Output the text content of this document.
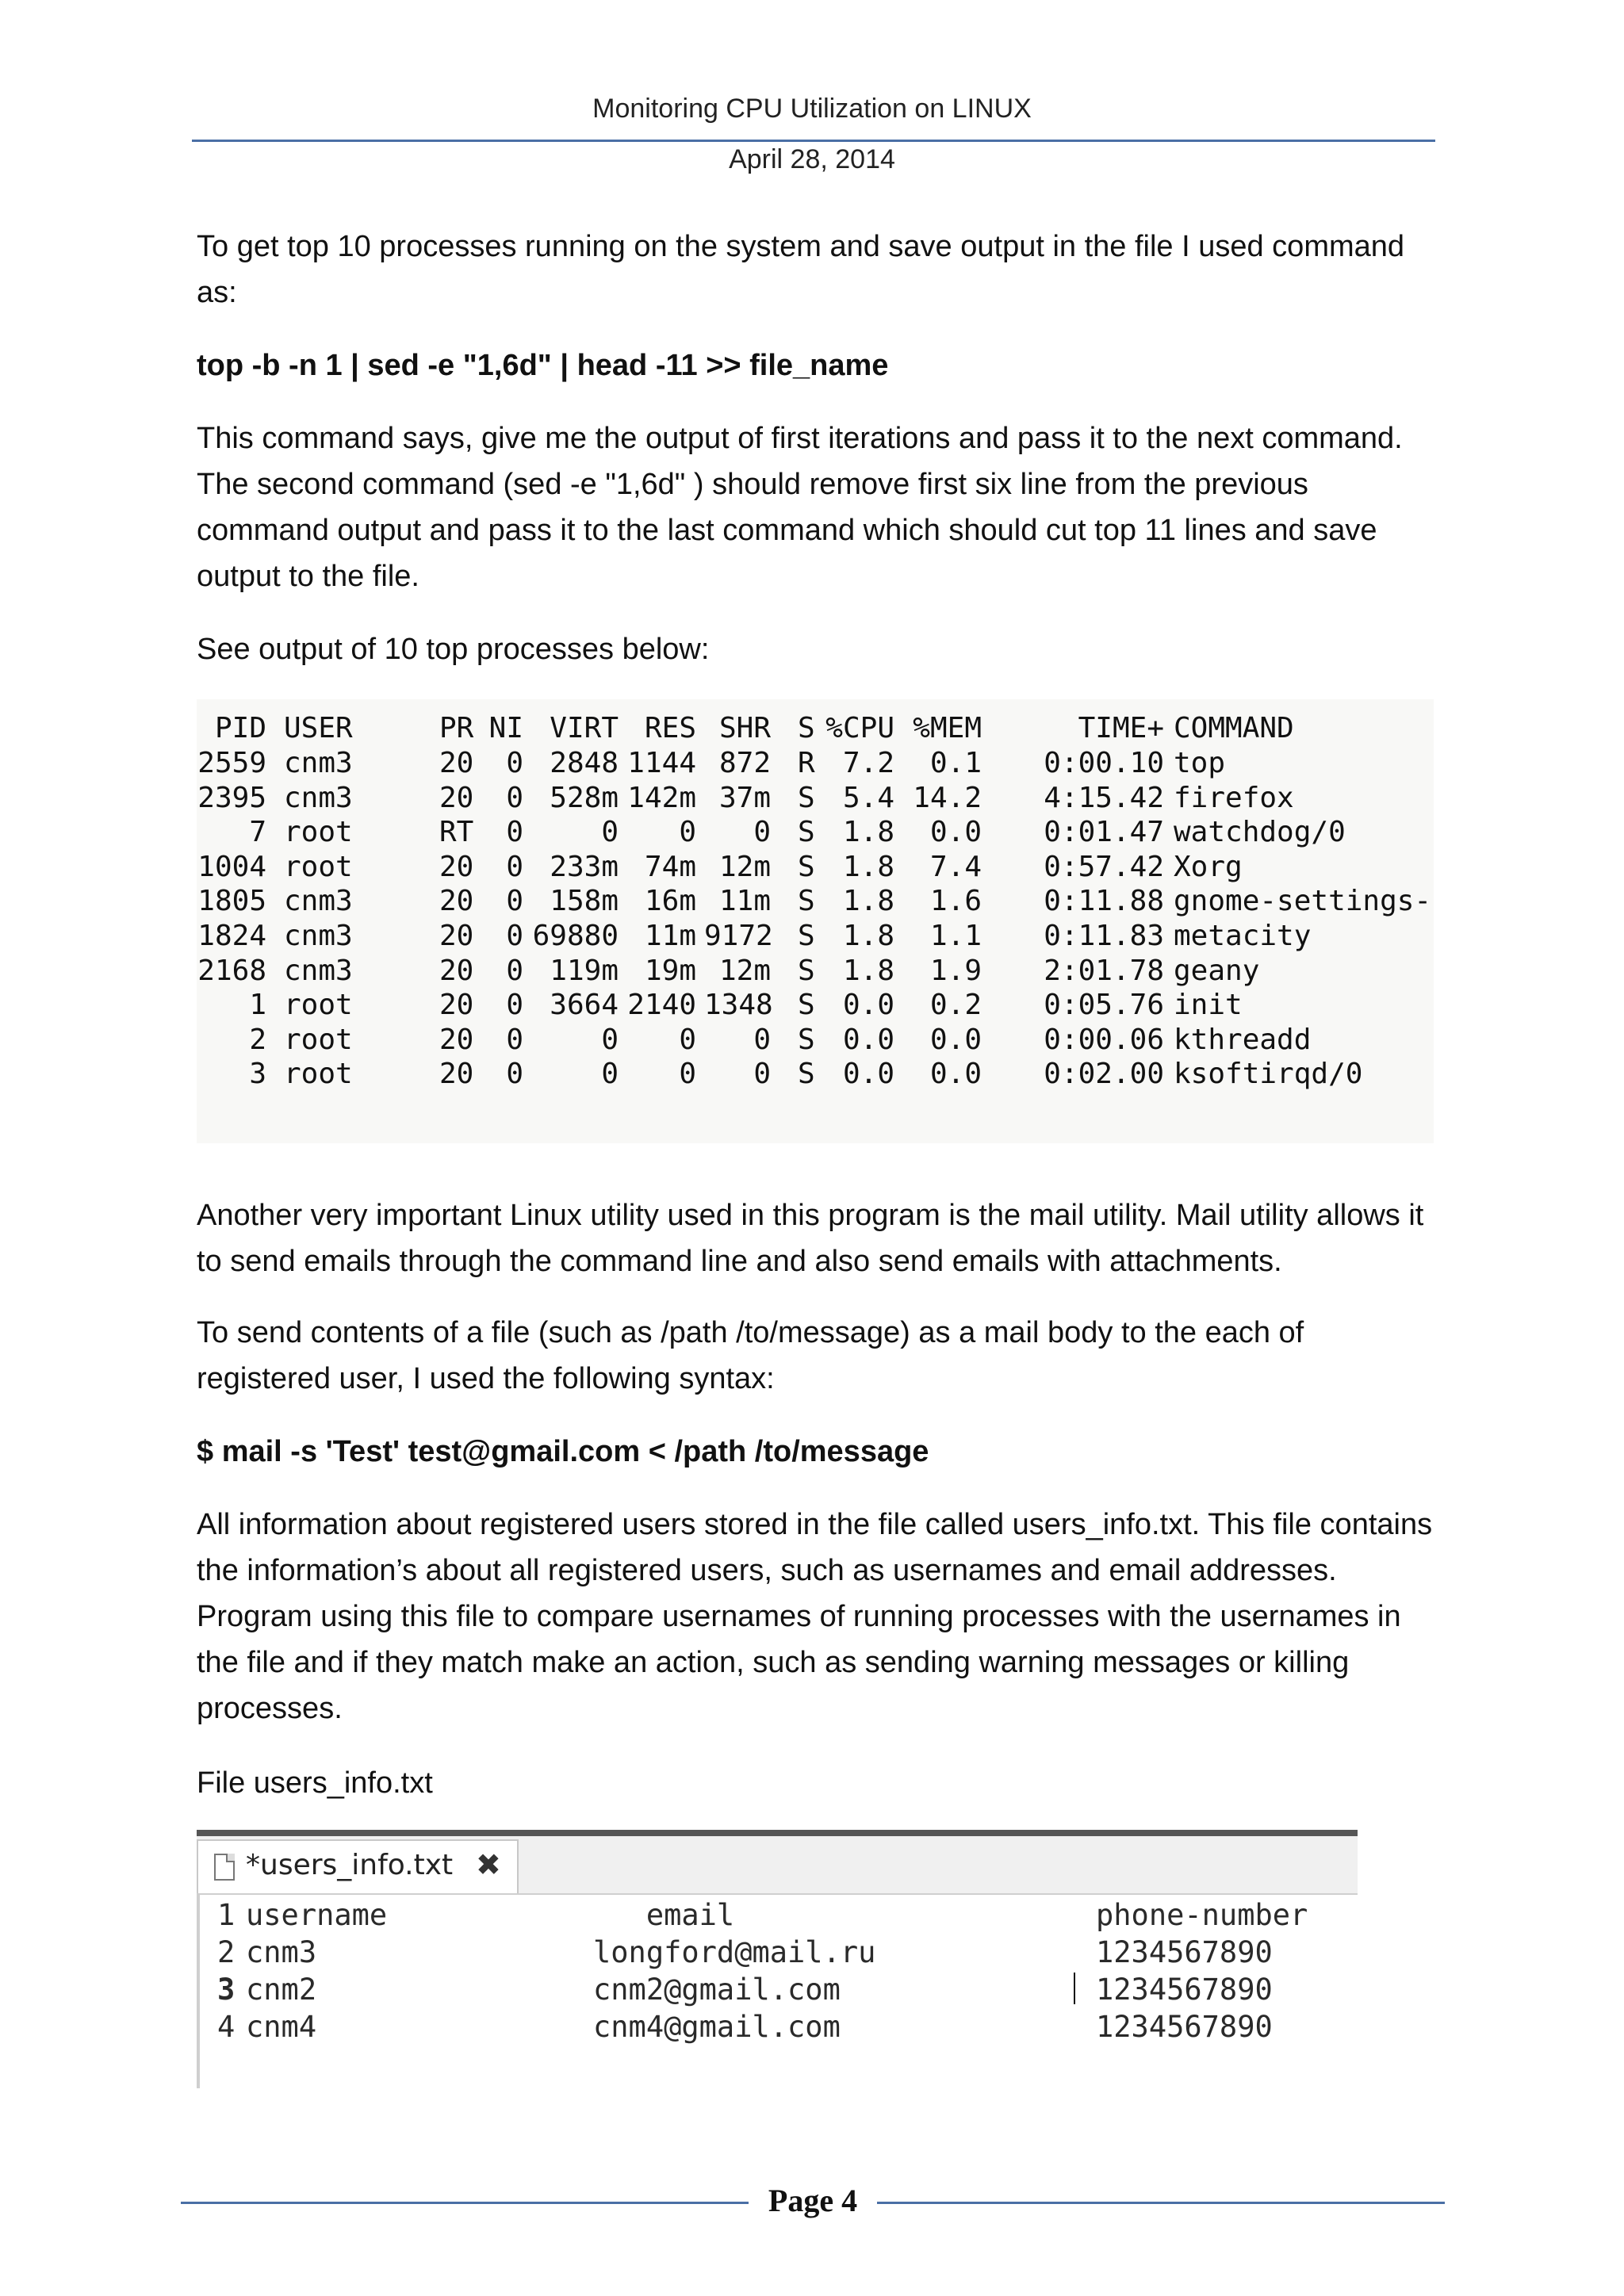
Monitoring CPU Utilization on LINUX
April 28, 2014
To get top 10 processes running on the system and save output in the file I used command as:
top -b -n 1 | sed -e "1,6d" | head -11 >> file_name
This command says, give me the output of first iterations and pass it to the next command. The second command (sed -e "1,6d" ) should remove first six line from the previous command output and pass it to the last command which should cut top 11 lines and save output to the file.
See output of 10 top processes below:
PID USER	PR NI VIRT RES SHR S %CPU %MEM	TIME+ COMMAND
2559 cnm3	20	0 2848 1144 872 R 7.2	0.1 0:00.10 top
2395 cnm3	20	0 528m 142m 37m S 5.4 14.2 4:15.42 firefox
7 root	RT	0	0	0	0 S 1.8	0.0 0:01.47 watchdog/0
1004 root	20	0 233m 74m 12m S 1.8	7.4 0:57.42 Xorg
1805 cnm3	20	0 158m 16m 11m S 1.8	1.6 0:11.88 gnome-settings-
1824 cnm3	20	0 69880 11m 9172 S 1.8	1.1 0:11.83 metacity
2168 cnm3	20	0 119m 19m 12m S 1.8	1.9 2:01.78 geany
1 root	20	0 3664 2140 1348 S 0.0	0.2 0:05.76 init
2 root	20	0	0	0	0 S 0.0	0.0 0:00.06 kthreadd
3 root	20	0	0	0	0 S 0.0	0.0 0:02.00 ksoftirqd/0
Another very important Linux utility used in this program is the mail utility. Mail utility allows it to send emails through the command line and also send emails with attachments.
To send contents of a file (such as /path /to/message) as a mail body to the each of registered user, I used the following syntax:
$ mail -s 'Test' test@gmail.com < /path /to/message
All information about registered users stored in the file called users_info.txt. This file contains the information’s about all registered users, such as usernames and email addresses. Program using this file to compare usernames of running processes with the usernames in the file and if they match make an action, such as sending warning messages or killing processes.
File users_info.txt
*users_info.txt ✖
1 username	email	phone-number
2 cnm3	longford@mail.ru	1234567890
3 cnm2	cnm2@gmail.com	1234567890
4 cnm4	cnm4@gmail.com	1234567890
Page 4
